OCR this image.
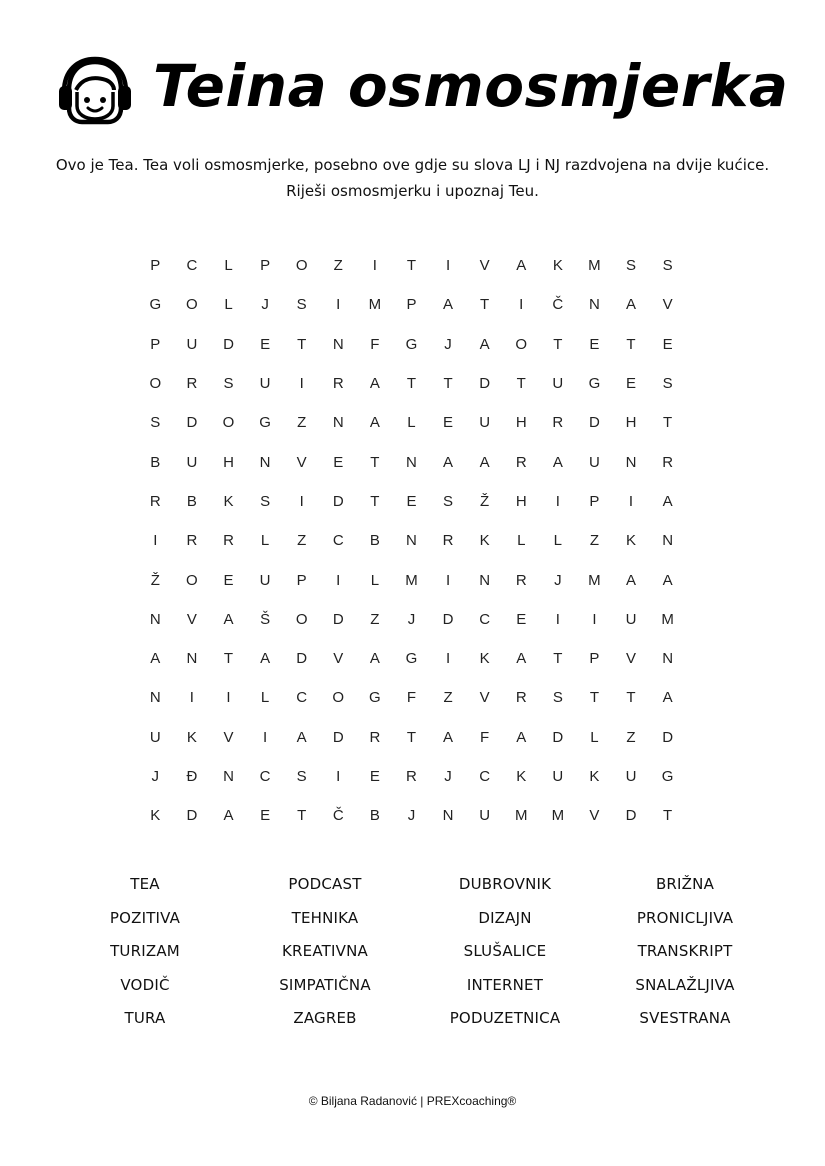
Teina osmosmjerka

Ovo je Tea. Tea voli osmosmjerke, posebno ove gdje su slova LJ i NJ razdvojena na dvije kućice.

Riješi osmosmjerku i upoznaj Teu.

P	C	L	P	O	Z	I	T	I	V	A	K	M	S	S
G	O	L	J	S	I	M	P	A	T	I	Č	N	A	V
P	U	D	E	T	N	F	G	J	A	O	T	E	T	E
O	R	S	U	I	R	A	T	T	D	T	U	G	E	S
S	D	O	G	Z	N	A	L	E	U	H	R	D	H	T
B	U	H	N	V	E	T	N	A	A	R	A	U	N	R
R	B	K	S	I	D	T	E	S	Ž	H	I	P	I	A
I	R	R	L	Z	C	B	N	R	K	L	L	Z	K	N
Ž	O	E	U	P	I	L	M	I	N	R	J	M	A	A
N	V	A	Š	O	D	Z	J	D	C	E	I	I	U	M
A	N	T	A	D	V	A	G	I	K	A	T	P	V	N
N	I	I	L	C	O	G	F	Z	V	R	S	T	T	A
U	K	V	I	A	D	R	T	A	F	A	D	L	Z	D
J	Đ	N	C	S	I	E	R	J	C	K	U	K	U	G
K	D	A	E	T	Č	B	J	N	U	M	M	V	D	T
TEA	PODCAST	DUBROVNIK	BRIŽNA
POZITIVA	TEHNIKA	DIZAJN	PRONICLJIVA
TURIZAM	KREATIVNA	SLUŠALICE	TRANSKRIPT
VODIČ	SIMPATIČNA	INTERNET	SNALAŽLJIVA
TURA	ZAGREB	PODUZETNICA	SVESTRANA
© Biljana Radanović | PREXcoaching®
